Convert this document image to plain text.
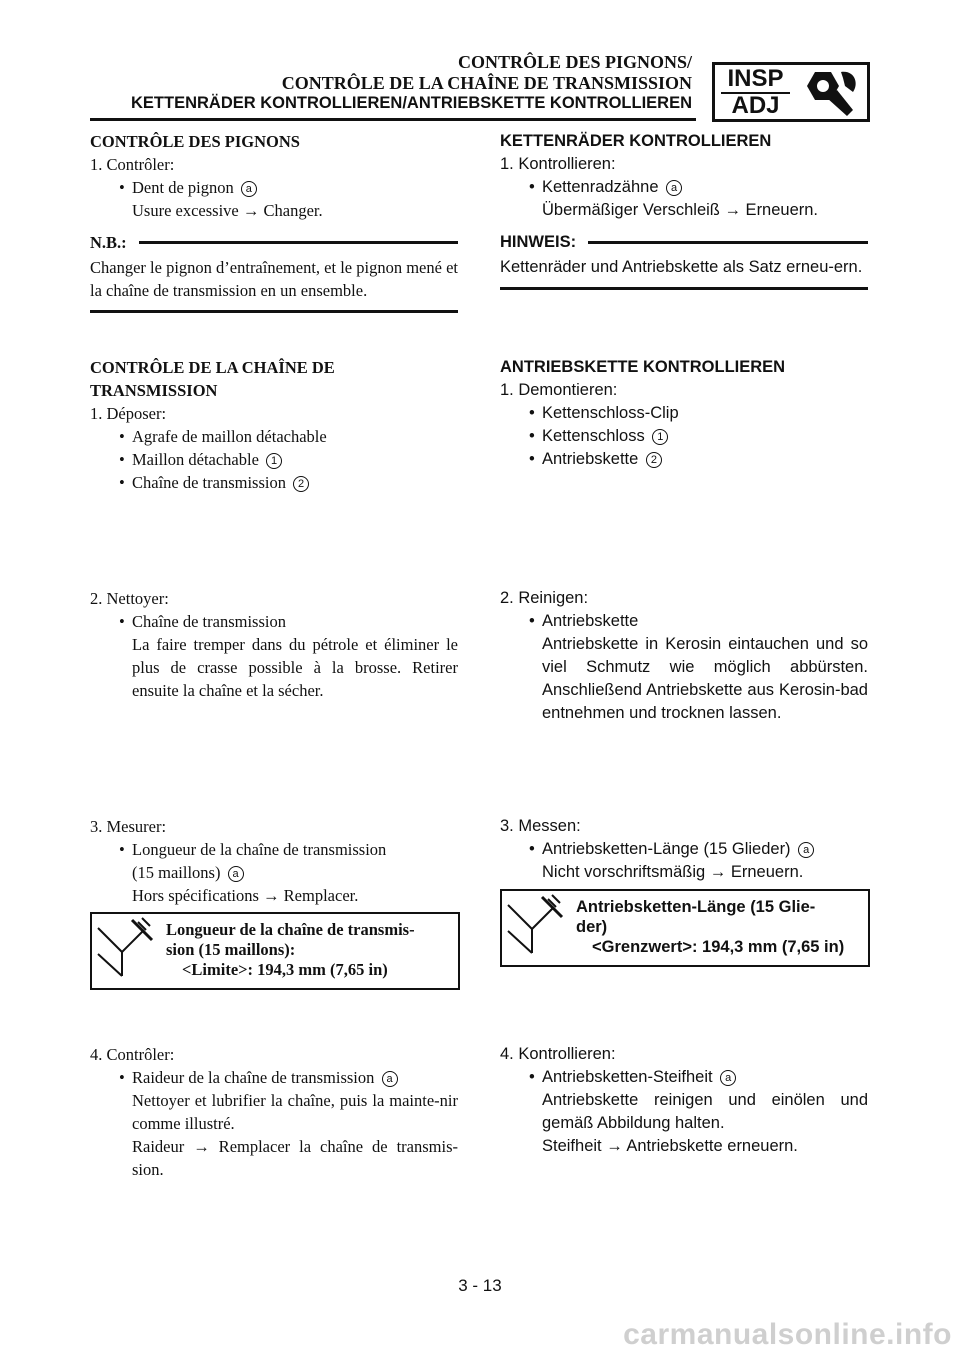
CONTRÔLE DES PIGNONS/
CONTRÔLE DE LA CHAÎNE DE TRANSMISSION
KETTENRÄDER KONTROLLIEREN/ANTRIEBSKETTE KONTROLLIEREN
INSP
ADJ
CONTRÔLE DES PIGNONS
1. Contrôler:
• Dent de pignon a
Usure excessive → Changer.
N.B.:
Changer le pignon d’entraînement, et le pignon mené et la chaîne de transmission en un ensemble.
CONTRÔLE DE LA CHAÎNE DE
TRANSMISSION
1. Déposer:
• Agrafe de maillon détachable
• Maillon détachable 1
• Chaîne de transmission 2
2. Nettoyer:
• Chaîne de transmission
La faire tremper dans du pétrole et éliminer le plus de crasse possible à la brosse. Retirer ensuite la chaîne et la sécher.
3. Mesurer:
• Longueur de la chaîne de transmission
(15 maillons) a
Hors spécifications → Remplacer.
Longueur de la chaîne de transmis-
sion (15 maillons):
<Limite>: 194,3 mm (7,65 in)
4. Contrôler:
• Raideur de la chaîne de transmission a
Nettoyer et lubrifier la chaîne, puis la mainte-nir comme illustré.
Raideur → Remplacer la chaîne de transmis-sion.
KETTENRÄDER KONTROLLIEREN
1. Kontrollieren:
• Kettenradzähne a
Übermäßiger Verschleiß → Erneuern.
HINWEIS:
Kettenräder und Antriebskette als Satz erneu-ern.
ANTRIEBSKETTE KONTROLLIEREN
1. Demontieren:
• Kettenschloss-Clip
• Kettenschloss 1
• Antriebskette 2
2. Reinigen:
• Antriebskette
Antriebskette in Kerosin eintauchen und so viel Schmutz wie möglich abbürsten. Anschließend Antriebskette aus Kerosin-bad entnehmen und trocknen lassen.
3. Messen:
• Antriebsketten-Länge (15 Glieder) a
Nicht vorschriftsmäßig → Erneuern.
Antriebsketten-Länge (15 Glie-
der)
<Grenzwert>: 194,3 mm (7,65 in)
4. Kontrollieren:
• Antriebsketten-Steifheit a
Antriebskette reinigen und einölen und gemäß Abbildung halten.
Steifheit → Antriebskette erneuern.
3 - 13
carmanualsonline.info
